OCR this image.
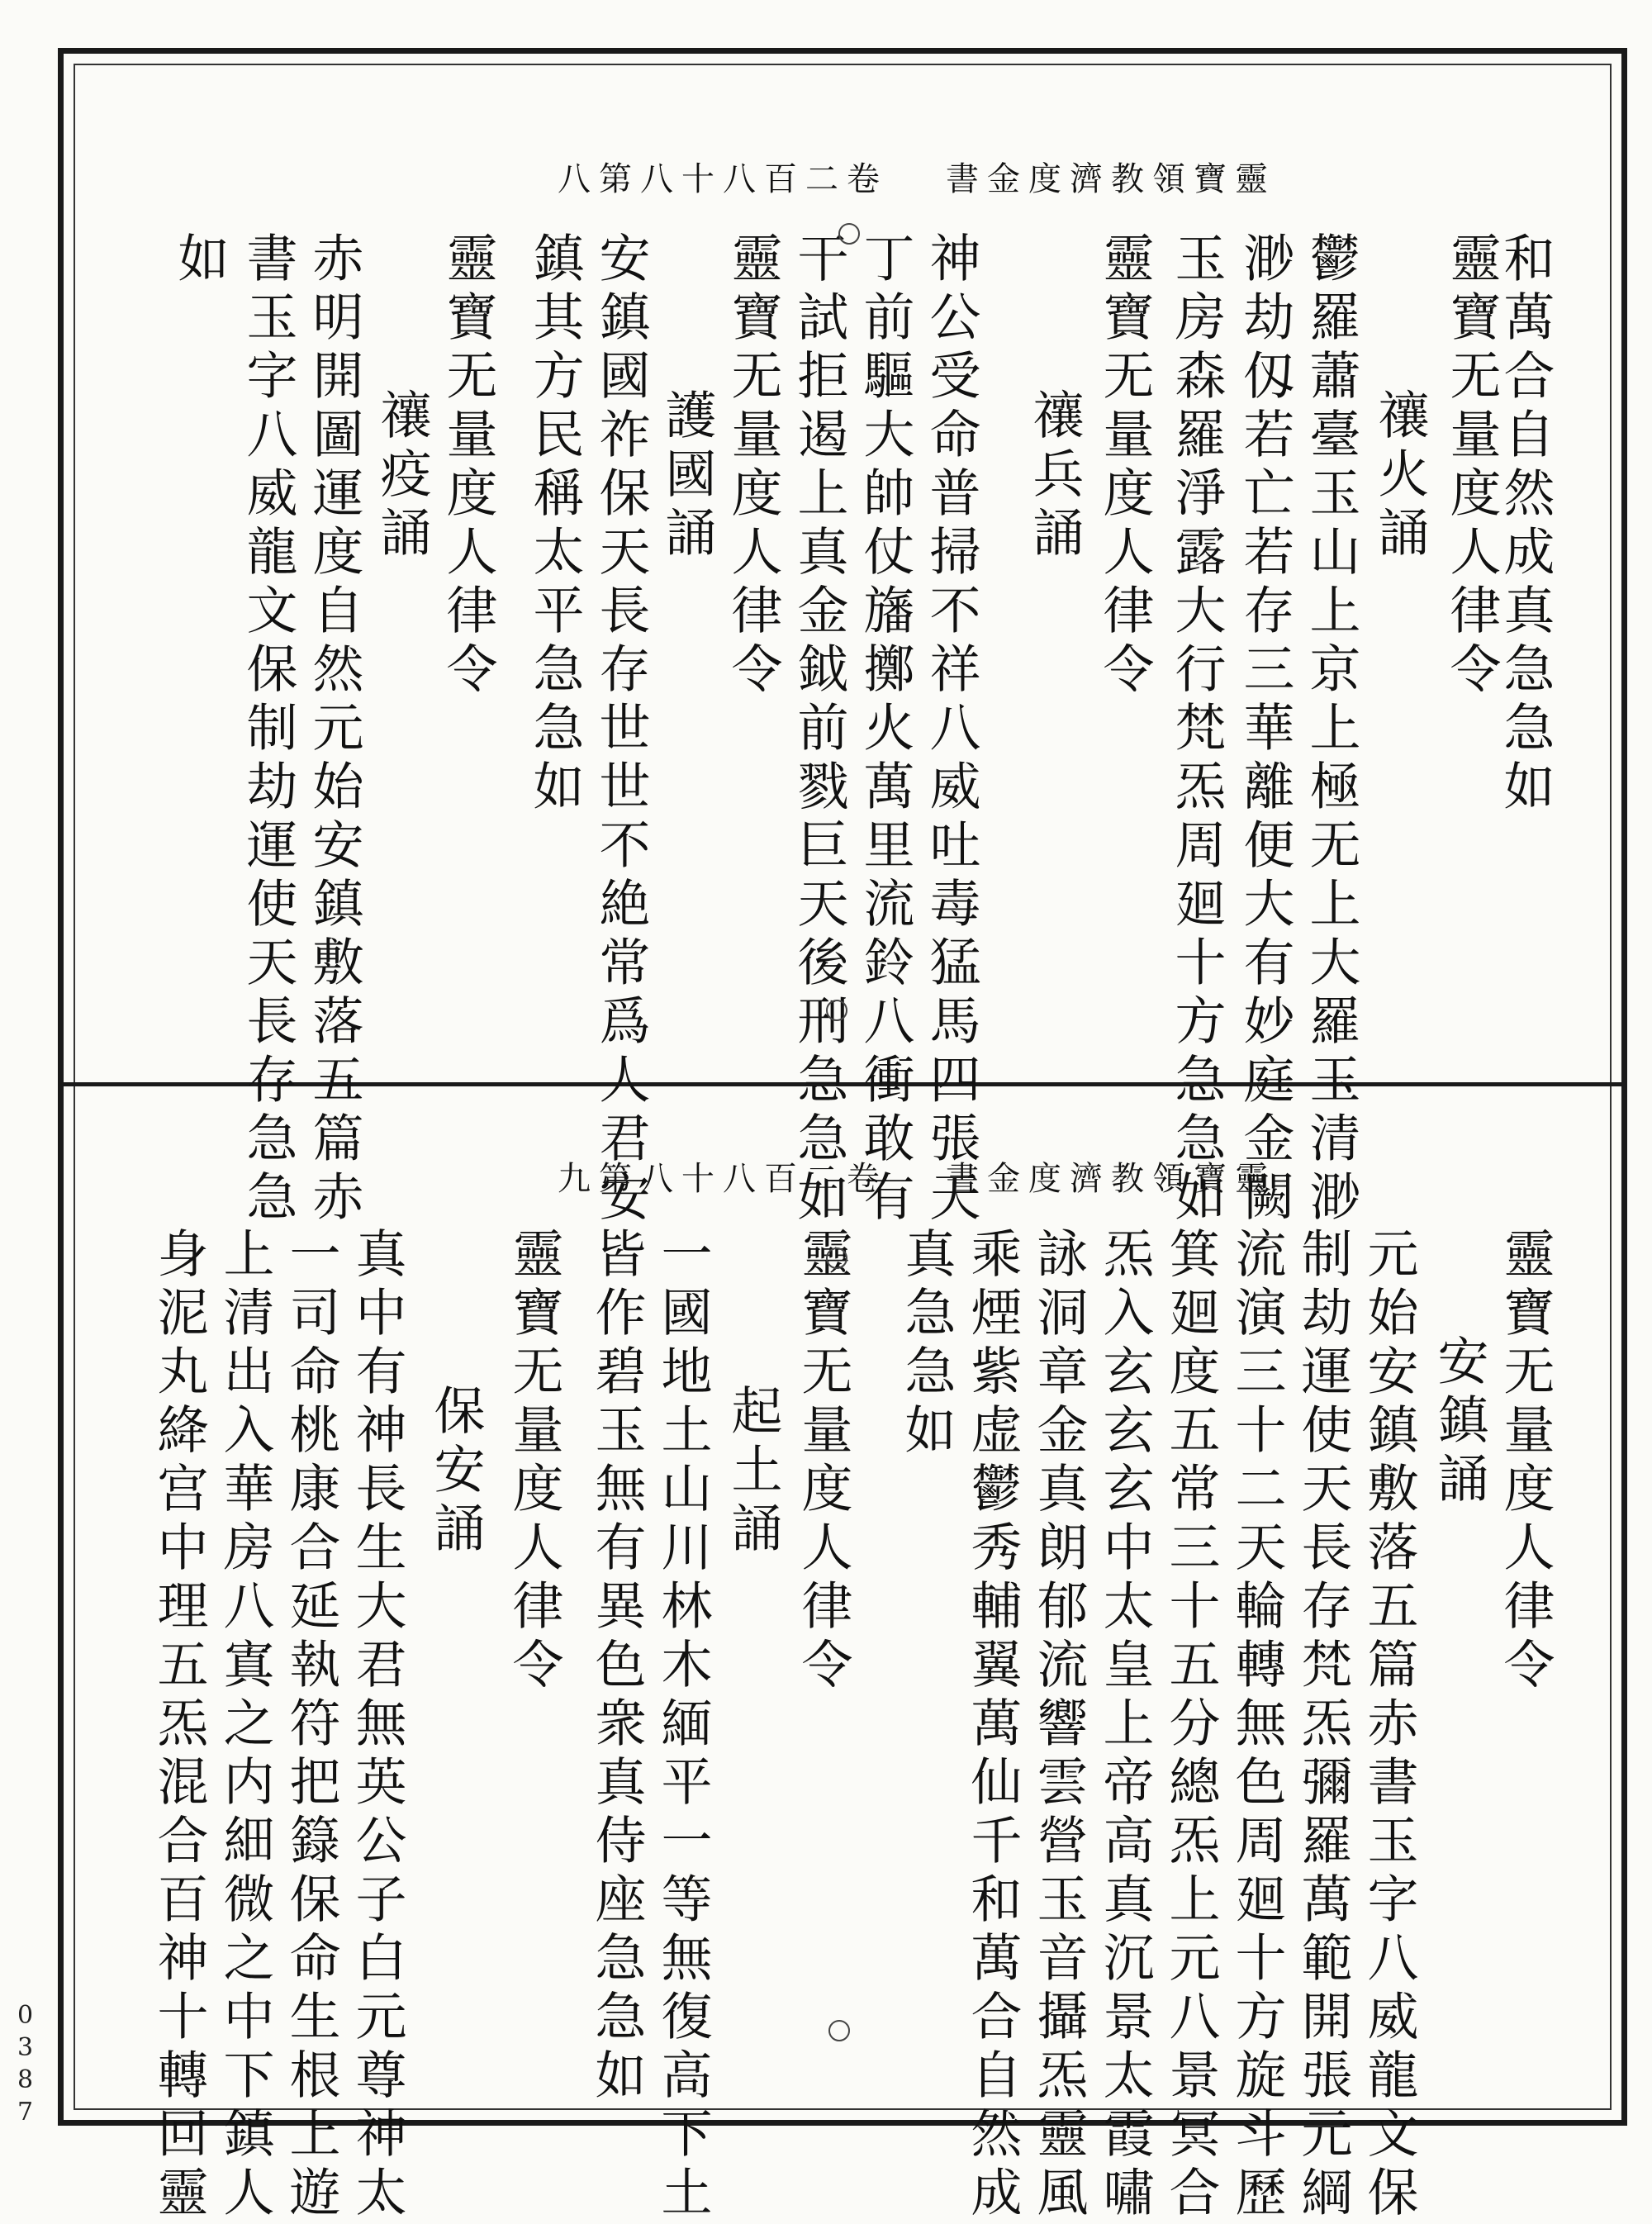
靈寶領教濟度金書卷二百八十八第八
和萬合自然成真急急如
靈寶无量度人律令
禳火誦
鬱羅蕭臺玉山上京上極无上大羅玉清渺
渺劫仭若亡若存三華離便大有妙庭金闕
玉房森羅淨露大行梵炁周廻十方急急如
靈寶无量度人律令
禳兵誦
神公受命普掃不祥八威吐毒猛馬四張天
丁前驅大帥仗旛擲火萬里流鈴八衝敢有
干試拒遏上真金鉞前戮巨天後刑急急如
靈寶无量度人律令
護國誦
安鎮國祚保天長存世世不絶常爲人君安
鎮其方民稱太平急急如
靈寶无量度人律令
禳疫誦
赤明開圖運度自然元始安鎮敷落五篇赤
書玉字八威龍文保制劫運使天長存急急
如
靈寶領教濟度金書卷二百八十八第九
靈寶无量度人律令
安鎮誦
元始安鎮敷落五篇赤書玉字八威龍文保
制劫運使天長存梵炁彌羅萬範開張元綱
流演三十二天輪轉無色周廻十方旋斗歷
箕廻度五常三十五分總炁上元八景冥合
炁入玄玄玄中太皇上帝高真沉景太霞嘯
詠洞章金真朗郁流響雲營玉音攝炁靈風
乘煙紫虚鬱秀輔翼萬仙千和萬合自然成
真急急如
靈寶无量度人律令
起土誦
一國地土山川林木緬平一等無復高下土
皆作碧玉無有異色衆真侍座急急如
靈寶无量度人律令
保安誦
真中有神長生大君無英公子白元尊神太
一司命桃康合延執符把籙保命生根上遊
上清出入華房八寘之内細微之中下鎮人
身泥丸絳宫中理五炁混合百神十轉回靈
0387
